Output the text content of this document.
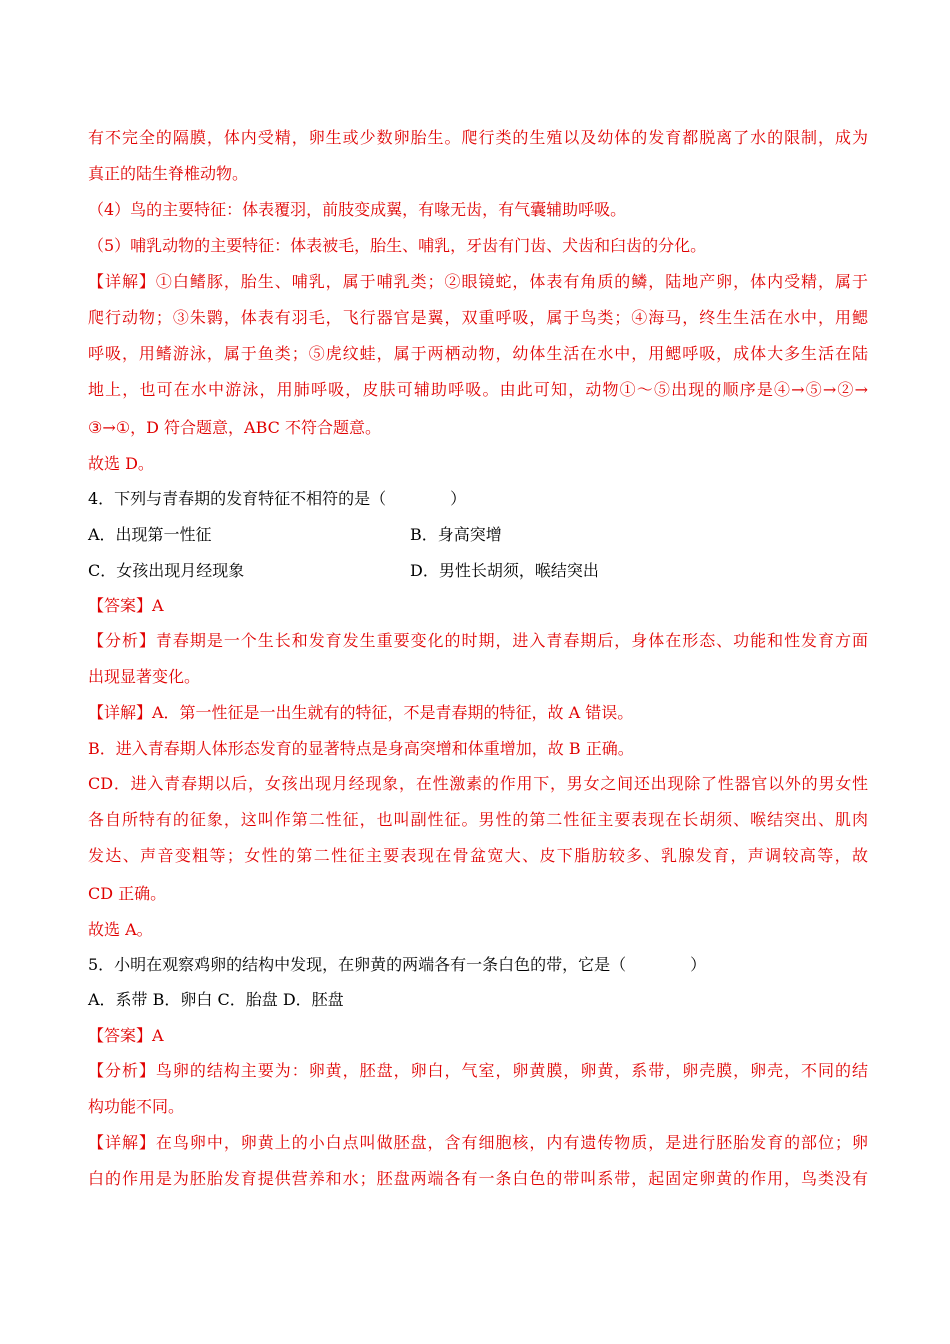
有不完全的隔膜，体内受精，卵生或少数卵胎生。爬行类的生殖以及幼体的发育都脱离了水的限制，成为
真正的陆生脊椎动物。
（4）鸟的主要特征：体表覆羽，前肢变成翼，有喙无齿，有气囊辅助呼吸。
（5）哺乳动物的主要特征：体表被毛，胎生、哺乳，牙齿有门齿、犬齿和臼齿的分化。
【详解】①白鳍豚，胎生、哺乳，属于哺乳类；②眼镜蛇，体表有角质的鳞，陆地产卵，体内受精，属于
爬行动物；③朱鹮，体表有羽毛，飞行器官是翼，双重呼吸，属于鸟类；④海马，终生生活在水中，用鳃
呼吸，用鳍游泳，属于鱼类；⑤虎纹蛙，属于两栖动物，幼体生活在水中，用鳃呼吸，成体大多生活在陆
地上，也可在水中游泳，用肺呼吸，皮肤可辅助呼吸。由此可知，动物①～⑤出现的顺序是④→⑤→②→
③→①，D 符合题意，ABC 不符合题意。
故选 D。
4．下列与青春期的发育特征不相符的是（　　　　）
A．出现第一性征	B．身高突增
C．女孩出现月经现象	D．男性长胡须，喉结突出
【答案】A
【分析】青春期是一个生长和发育发生重要变化的时期，进入青春期后，身体在形态、功能和性发育方面
出现显著变化。
【详解】A．第一性征是一出生就有的特征，不是青春期的特征，故 A 错误。
B．进入青春期人体形态发育的显著特点是身高突增和体重增加，故 B 正确。
CD．进入青春期以后，女孩出现月经现象，在性激素的作用下，男女之间还出现除了性器官以外的男女性
各自所特有的征象，这叫作第二性征，也叫副性征。男性的第二性征主要表现在长胡须、喉结突出、肌肉
发达、声音变粗等；女性的第二性征主要表现在骨盆宽大、皮下脂肪较多、乳腺发育，声调较高等，故
CD 正确。
故选 A。
5．小明在观察鸡卵的结构中发现，在卵黄的两端各有一条白色的带，它是（　　　　）
A．系带 B．卵白 C．胎盘 D．胚盘
【答案】A
【分析】鸟卵的结构主要为：卵黄，胚盘，卵白，气室，卵黄膜，卵黄，系带，卵壳膜，卵壳，不同的结
构功能不同。
【详解】在鸟卵中，卵黄上的小白点叫做胚盘，含有细胞核，内有遗传物质，是进行胚胎发育的部位；卵
白的作用是为胚胎发育提供营养和水；胚盘两端各有一条白色的带叫系带，起固定卵黄的作用，鸟类没有
